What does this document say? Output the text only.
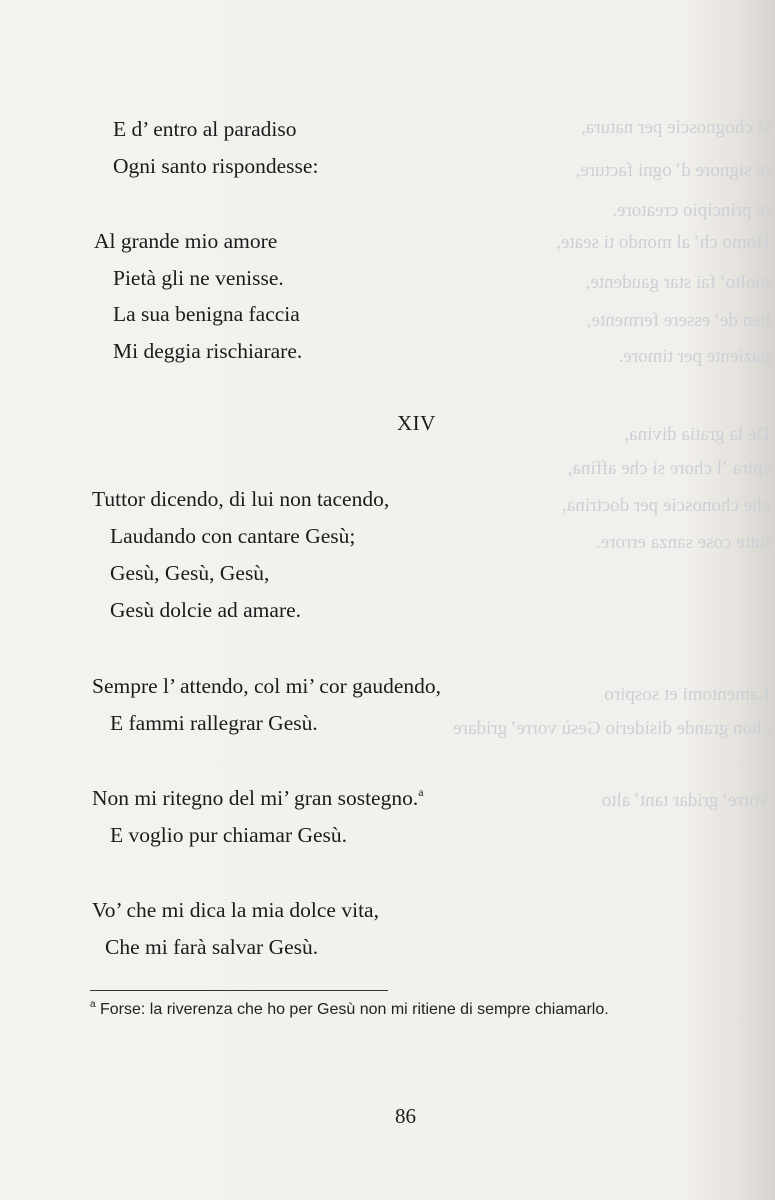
si chognoscie per natura,
te signore d’ ogni facture,
te principio creatore.
Homo ch’ al mondo ti seate,
molto’ fai star gaudente,
ben de’ essere fermente,
paziente per timore.
De la gratia divina,
spira ’l chore sì che affina,
che chonoscie per doctrina,
tutte cose sanza errore.
Lamentomi et sospiro
chon grande disiderio Gesù vorre’ gridare
Vorre’ gridar tant’ alto
E d’ entro al paradiso
Ogni santo rispondesse:
Al grande mio amore
Pietà gli ne venisse.
La sua benigna faccia
Mi deggia rischiarare.
XIV
Tuttor dicendo, di lui non tacendo,
Laudando con cantare Gesù;
Gesù, Gesù, Gesù,
Gesù dolcie ad amare.
Sempre l’ attendo, col mi’ cor gaudendo,
E fammi rallegrar Gesù.
Non mi ritegno del mi’ gran sostegno.$^a$
E voglio pur chiamar Gesù.
Vo’ che mi dica la mia dolce vita,
Che mi farà salvar Gesù.
$^a$ Forse: la riverenza che ho per Gesù non mi ritiene di sempre chiamarlo.
86
